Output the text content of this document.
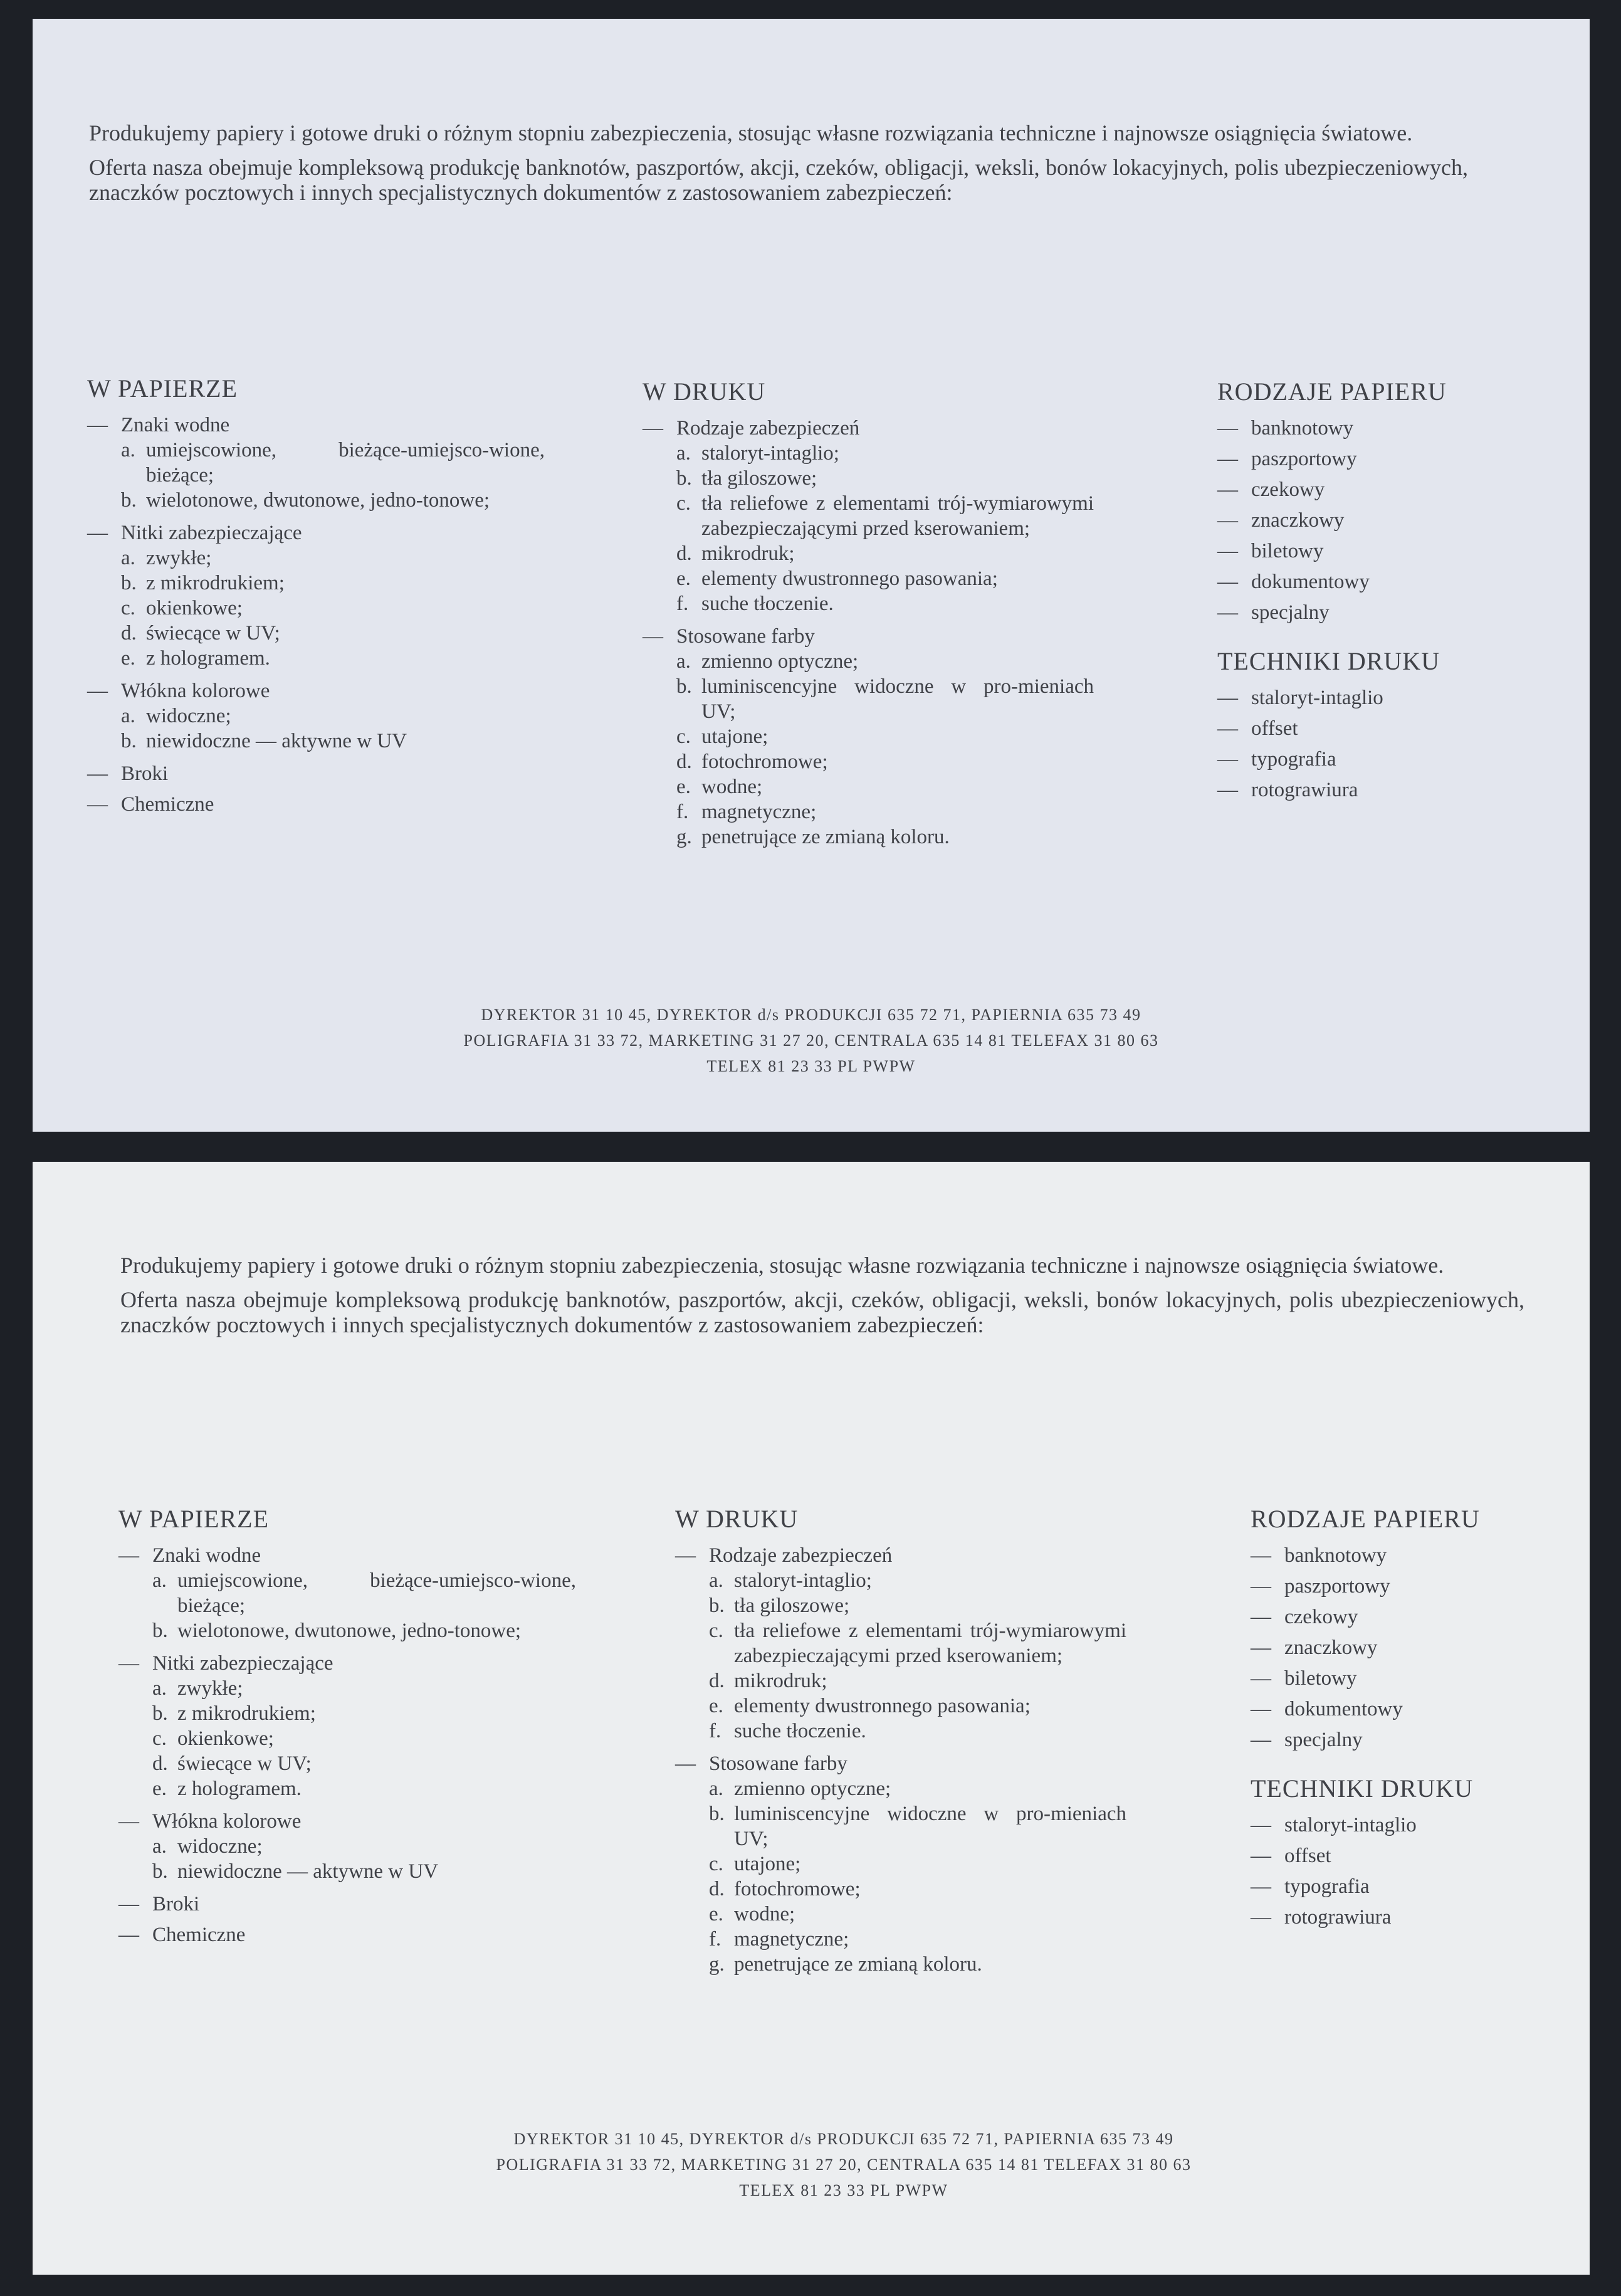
Produkujemy papiery i gotowe druki o różnym stopniu zabezpieczenia, stosując własne rozwiązania techniczne i najnowsze osiągnięcia światowe.

Oferta nasza obejmuje kompleksową produkcję banknotów, paszportów, akcji, czeków, obligacji, weksli, bonów lokacyjnych, polis ubezpieczeniowych, znaczków pocztowych i innych specjalistycznych dokumentów z zastosowaniem zabezpieczeń:

W PAPIERZE
— Znaki wodne
a. umiejscowione, bieżące-umiejsco-wione, bieżące;
b. wielotonowe, dwutonowe, jedno-tonowe;
— Nitki zabezpieczające
a. zwykłe;
b. z mikrodrukiem;
c. okienkowe;
d. świecące w UV;
e. z hologramem.
— Włókna kolorowe
a. widoczne;
b. niewidoczne — aktywne w UV
— Broki
— Chemiczne
W DRUKU
— Rodzaje zabezpieczeń
a. staloryt-intaglio;
b. tła giloszowe;
c. tła reliefowe z elementami trój-wymiarowymi zabezpieczającymi przed kserowaniem;
d. mikrodruk;
e. elementy dwustronnego pasowania;
f. suche tłoczenie.
— Stosowane farby
a. zmienno optyczne;
b. luminiscencyjne widoczne w pro-mieniach UV;
c. utajone;
d. fotochromowe;
e. wodne;
f. magnetyczne;
g. penetrujące ze zmianą koloru.
RODZAJE PAPIERU
— banknotowy
— paszportowy
— czekowy
— znaczkowy
— biletowy
— dokumentowy
— specjalny
TECHNIKI DRUKU
— staloryt-intaglio
— offset
— typografia
— rotograwiura
DYREKTOR 31 10 45, DYREKTOR d/s PRODUKCJI 635 72 71, PAPIERNIA 635 73 49
POLIGRAFIA 31 33 72, MARKETING 31 27 20, CENTRALA 635 14 81 TELEFAX 31 80 63
TELEX 81 23 33 PL PWPW

Produkujemy papiery i gotowe druki o różnym stopniu zabezpieczenia, stosując własne rozwiązania techniczne i najnowsze osiągnięcia światowe.

Oferta nasza obejmuje kompleksową produkcję banknotów, paszportów, akcji, czeków, obligacji, weksli, bonów lokacyjnych, polis ubezpieczeniowych, znaczków pocztowych i innych specjalistycznych dokumentów z zastosowaniem zabezpieczeń:

W PAPIERZE
— Znaki wodne
a. umiejscowione, bieżące-umiejsco-wione, bieżące;
b. wielotonowe, dwutonowe, jedno-tonowe;
— Nitki zabezpieczające
a. zwykłe;
b. z mikrodrukiem;
c. okienkowe;
d. świecące w UV;
e. z hologramem.
— Włókna kolorowe
a. widoczne;
b. niewidoczne — aktywne w UV
— Broki
— Chemiczne
W DRUKU
— Rodzaje zabezpieczeń
a. staloryt-intaglio;
b. tła giloszowe;
c. tła reliefowe z elementami trój-wymiarowymi zabezpieczającymi przed kserowaniem;
d. mikrodruk;
e. elementy dwustronnego pasowania;
f. suche tłoczenie.
— Stosowane farby
a. zmienno optyczne;
b. luminiscencyjne widoczne w pro-mieniach UV;
c. utajone;
d. fotochromowe;
e. wodne;
f. magnetyczne;
g. penetrujące ze zmianą koloru.
RODZAJE PAPIERU
— banknotowy
— paszportowy
— czekowy
— znaczkowy
— biletowy
— dokumentowy
— specjalny
TECHNIKI DRUKU
— staloryt-intaglio
— offset
— typografia
— rotograwiura
DYREKTOR 31 10 45, DYREKTOR d/s PRODUKCJI 635 72 71, PAPIERNIA 635 73 49
POLIGRAFIA 31 33 72, MARKETING 31 27 20, CENTRALA 635 14 81 TELEFAX 31 80 63
TELEX 81 23 33 PL PWPW
